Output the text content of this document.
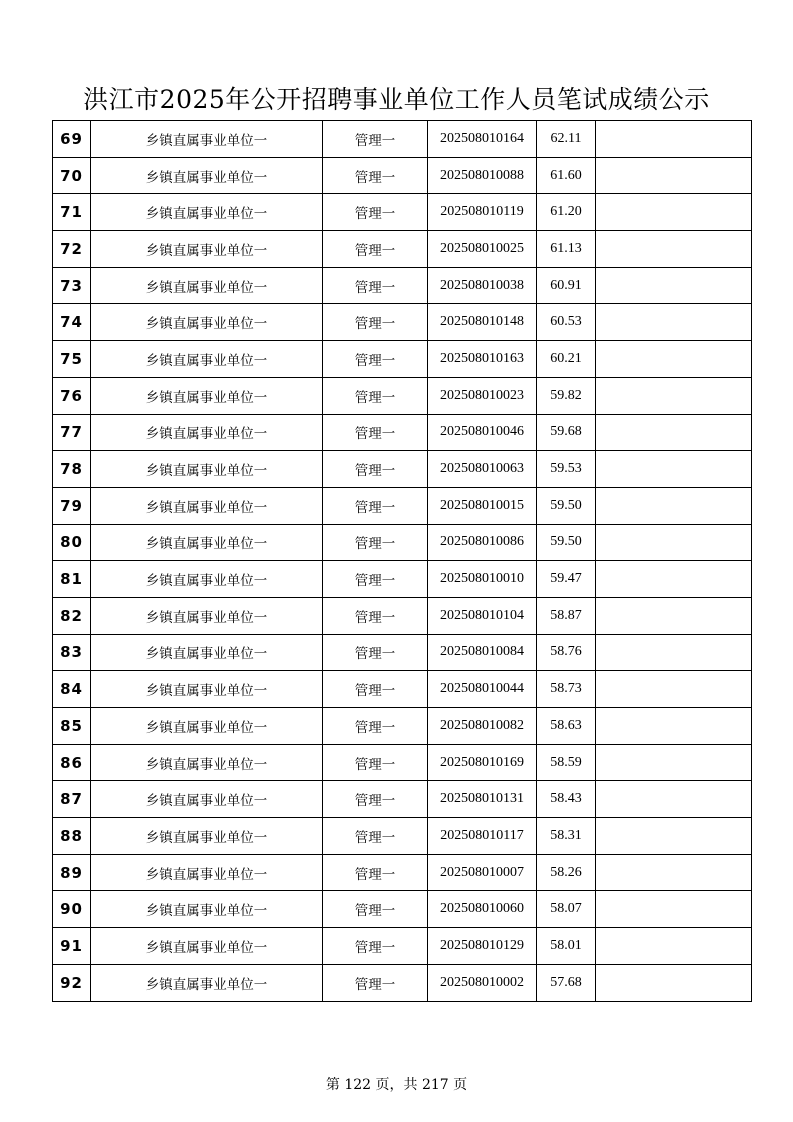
洪江市2025年公开招聘事业单位工作人员笔试成绩公示
69	乡镇直属事业单位一	管理一	202508010164	62.11	
70	乡镇直属事业单位一	管理一	202508010088	61.60	
71	乡镇直属事业单位一	管理一	202508010119	61.20	
72	乡镇直属事业单位一	管理一	202508010025	61.13	
73	乡镇直属事业单位一	管理一	202508010038	60.91	
74	乡镇直属事业单位一	管理一	202508010148	60.53	
75	乡镇直属事业单位一	管理一	202508010163	60.21	
76	乡镇直属事业单位一	管理一	202508010023	59.82	
77	乡镇直属事业单位一	管理一	202508010046	59.68	
78	乡镇直属事业单位一	管理一	202508010063	59.53	
79	乡镇直属事业单位一	管理一	202508010015	59.50	
80	乡镇直属事业单位一	管理一	202508010086	59.50	
81	乡镇直属事业单位一	管理一	202508010010	59.47	
82	乡镇直属事业单位一	管理一	202508010104	58.87	
83	乡镇直属事业单位一	管理一	202508010084	58.76	
84	乡镇直属事业单位一	管理一	202508010044	58.73	
85	乡镇直属事业单位一	管理一	202508010082	58.63	
86	乡镇直属事业单位一	管理一	202508010169	58.59	
87	乡镇直属事业单位一	管理一	202508010131	58.43	
88	乡镇直属事业单位一	管理一	202508010117	58.31	
89	乡镇直属事业单位一	管理一	202508010007	58.26	
90	乡镇直属事业单位一	管理一	202508010060	58.07	
91	乡镇直属事业单位一	管理一	202508010129	58.01	
92	乡镇直属事业单位一	管理一	202508010002	57.68	
第 122 页，共 217 页
